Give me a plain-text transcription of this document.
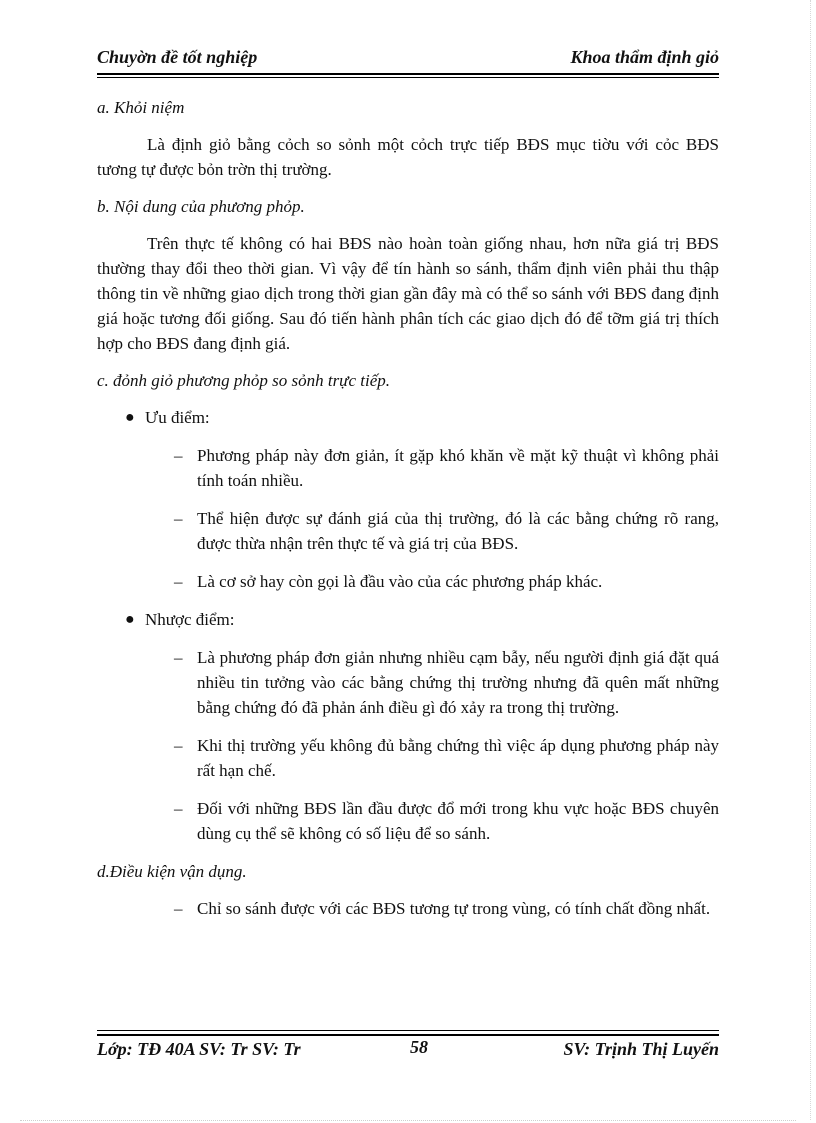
Chuyờn đề tốt nghiệp	Khoa thẩm định giỏ

a. Khỏi niệm

Là định giỏ bằng cỏch so sỏnh một cỏch trực tiếp BĐS mục tiờu với cỏc BĐS tương tự được bỏn trờn thị trường.

b. Nội dung của phương phỏp.

Trên thực tế không có hai BĐS nào hoàn toàn giống nhau, hơn nữa giá trị BĐS thường thay đổi theo thời gian. Vì vậy để tín hành so sánh, thẩm định viên phải thu thập thông tin về những giao dịch trong thời gian gần đây mà có thể so sánh với BĐS đang định giá hoặc tương đối giống. Sau đó tiến hành phân tích các giao dịch đó để tỡm giá trị thích hợp cho BĐS đang định giá.

c. đỏnh giỏ phương phỏp so sỏnh trực tiếp.

● Ưu điểm:
– Phương pháp này đơn giản, ít gặp khó khăn về mặt kỹ thuật vì không phải tính toán nhiều.
– Thể hiện được sự đánh giá của thị trường, đó là các bằng chứng rõ rang, được thừa nhận trên thực tế và giá trị của BĐS.
– Là cơ sở hay còn gọi là đầu vào của các phương pháp khác.
● Nhược điểm:
– Là phương pháp đơn giản nhưng nhiều cạm bẫy, nếu người định giá đặt quá nhiều tin tưởng vào các bằng chứng thị trường nhưng đã quên mất những bằng chứng đó đã phản ánh điều gì đó xảy ra trong thị trường.
– Khi thị trường yếu không đủ bằng chứng thì việc áp dụng phương pháp này rất hạn chế.
– Đối với những BĐS lần đầu được đổ mới trong khu vực hoặc BĐS chuyên dùng cụ thể sẽ không có số liệu để so sánh.

d.Điều kiện vận dụng.

– Chỉ so sánh được với các BĐS tương tự trong vùng, có tính chất đồng nhất.
Lớp: TĐ 40A SV: Tr SV: Tr	58	SV: Trịnh Thị Luyến
